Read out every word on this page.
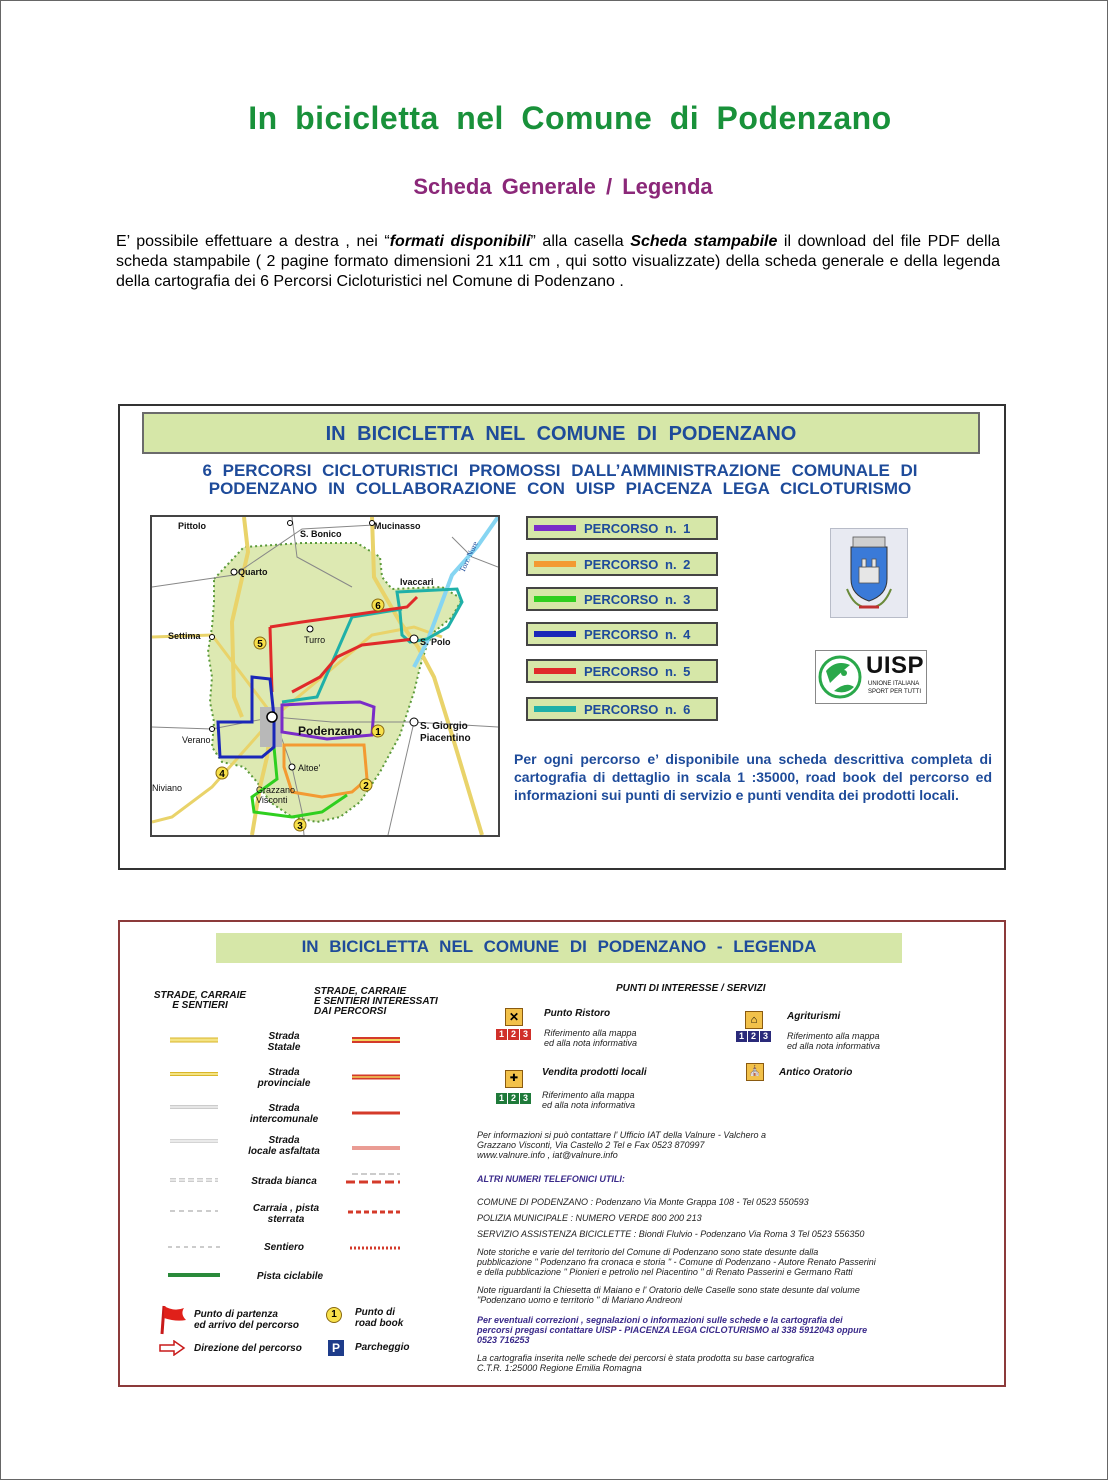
In bicicletta nel Comune di Podenzano
Scheda Generale / Legenda
E’ possibile effettuare a destra , nei “formati disponibili” alla casella Scheda stampabile il download del file PDF della scheda stampabile ( 2 pagine formato dimensioni 21 x11 cm , qui sotto visualizzate) della scheda generale e della legenda della cartografia dei 6 Percorsi Cicloturistici nel Comune di Podenzano .
IN BICICLETTA NEL COMUNE DI PODENZANO
6 PERCORSI CICLOTURISTICI PROMOSSI DALL’AMMINISTRAZIONE COMUNALE DI
PODENZANO IN COLLABORAZIONE CON UISP PIACENZA LEGA CICLOTURISMO
1
2
3
4
5
6
Pittolo
S. Bonico
Mucinasso
Quarto
Ivaccari
Settima	Turro	S. Polo
Podenzano	S. Giorgio
Piacentino
Verano
Altoe'
Niviano	Grazzano
Visconti
Torr. Nure
PERCORSO n. 1
PERCORSO n. 2
PERCORSO n. 3
PERCORSO n. 4
PERCORSO n. 5
PERCORSO n. 6
UISP
UNIONE ITALIANA
SPORT PER TUTTI
Per ogni percorso e’ disponibile una scheda descrittiva completa di cartografia di dettaglio in scala 1 :35000, road book del percorso ed informazioni sui punti di servizio e punti vendita dei prodotti locali.
IN BICICLETTA NEL COMUNE DI PODENZANO - LEGENDA
STRADE, CARRAIE
E SENTIERI
STRADE, CARRAIE
E SENTIERI INTERESSATI
DAI PERCORSI
PUNTI DI INTERESSE / SERVIZI
Strada
Statale
Strada
provinciale
Strada
intercomunale
Strada
locale asfaltata
Strada bianca
Carraia , pista
sterrata
Sentiero
Pista ciclabile
Punto di partenza
ed arrivo del percorso
Direzione del percorso
1	Punto di
road book
P	Parcheggio
✕	Punto Ristoro
1 2 3	Riferimento alla mappa
ed alla nota informativa
⌂	Agriturismi
1 2 3	Riferimento alla mappa
ed alla nota informativa
✚
Vendita prodotti locali
1 2 3	Riferimento alla mappa
ed alla nota informativa
⛪ Antico Oratorio
Per informazioni si può contattare l' Ufficio IAT della Valnure - Valchero a
Grazzano Visconti, Via Castello 2 Tel e Fax 0523 870997
www.valnure.info , iat@valnure.info
ALTRI NUMERI TELEFONICI UTILI:
COMUNE DI PODENZANO : Podenzano Via Monte Grappa 108 - Tel 0523 550593
POLIZIA MUNICIPALE : NUMERO VERDE 800 200 213
SERVIZIO ASSISTENZA BICICLETTE : Biondi Flulvio - Podenzano Via Roma 3 Tel 0523 556350
Note storiche e varie del territorio del Comune di Podenzano sono state desunte dalla
pubblicazione " Podenzano fra cronaca e storia " - Comune di Podenzano - Autore Renato Passerini
e della pubblicazione " Pionieri e petrolio nel Piacentino " di Renato Passerini e Germano Ratti
Note riguardanti la Chiesetta di Maiano e l' Oratorio delle Caselle sono state desunte dal volume
"Podenzano uomo e territorio " di Mariano Andreoni
Per eventuali correzioni , segnalazioni o informazioni sulle schede e la cartografia dei
percorsi pregasi contattare UISP - PIACENZA LEGA CICLOTURISMO al 338 5912043 oppure
0523 716253
La cartografia inserita nelle schede dei percorsi è stata prodotta su base cartografica
C.T.R. 1:25000 Regione Emilia Romagna
